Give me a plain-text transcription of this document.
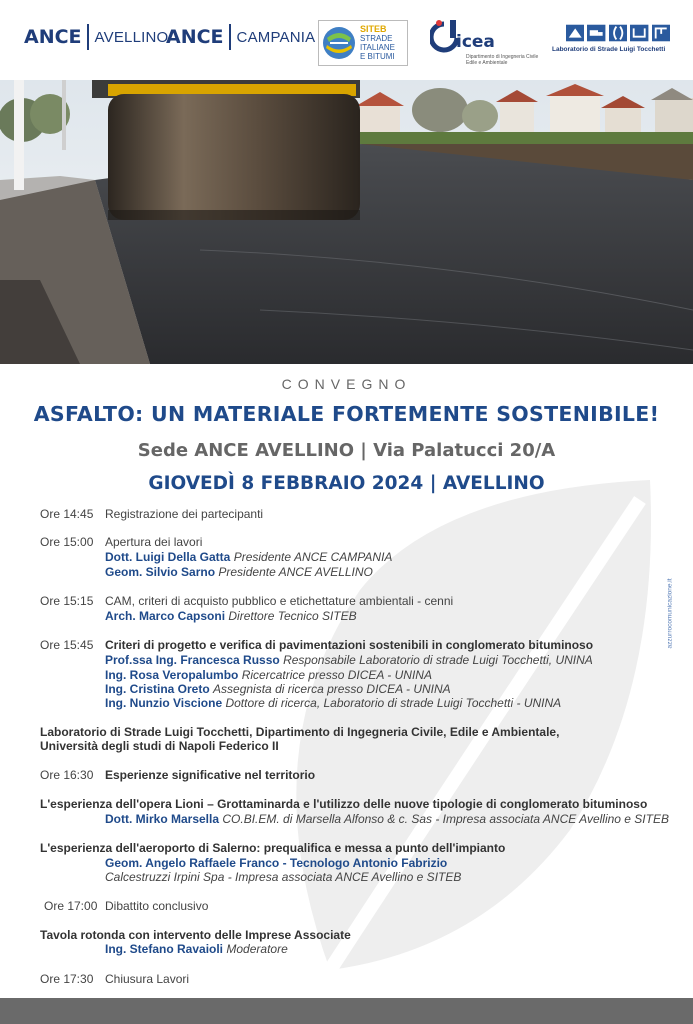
ANCE AVELLINO
ANCE CAMPANIA	SITEB
STRADE
ITALIANE
E BITUMI
icea
Dipartimento di Ingegneria Civile Edile e Ambientale
Laboratorio di Strade Luigi Tocchetti
CONVEGNO
ASFALTO: UN MATERIALE FORTEMENTE SOSTENIBILE!
Sede ANCE AVELLINO | Via Palatucci 20/A
GIOVEDÌ 8 FEBBRAIO 2024 | AVELLINO
azzurrocomunicazione.it
Ore 14:45 Registrazione dei partecipanti
Ore 15:00 Apertura dei lavori
Dott. Luigi Della Gatta Presidente ANCE CAMPANIA
Geom. Silvio Sarno Presidente ANCE AVELLINO
Ore 15:15 CAM, criteri di acquisto pubblico e etichettature ambientali - cenni
Arch. Marco Capsoni Direttore Tecnico SITEB
Ore 15:45 Criteri di progetto e verifica di pavimentazioni sostenibili in conglomerato bituminoso
Prof.ssa Ing. Francesca Russo Responsabile Laboratorio di strade Luigi Tocchetti, UNINA
Ing. Rosa Veropalumbo Ricercatrice presso DICEA - UNINA
Ing. Cristina Oreto Assegnista di ricerca presso DICEA - UNINA
Ing. Nunzio Viscione Dottore di ricerca, Laboratorio di strade Luigi Tocchetti - UNINA
Laboratorio di Strade Luigi Tocchetti, Dipartimento di Ingegneria Civile, Edile e Ambientale,
Università degli studi di Napoli Federico II
Ore 16:30 Esperienze significative nel territorio
L'esperienza dell'opera Lioni – Grottaminarda e l'utilizzo delle nuove tipologie di conglomerato bituminoso
Dott. Mirko Marsella CO.BI.EM. di Marsella Alfonso & c. Sas - Impresa associata ANCE Avellino e SITEB
L'esperienza dell'aeroporto di Salerno: prequalifica e messa a punto dell'impianto
Geom. Angelo Raffaele Franco - Tecnologo Antonio Fabrizio
Calcestruzzi Irpini Spa - Impresa associata ANCE Avellino e SITEB
Ore 17:00 Dibattito conclusivo
Tavola rotonda con intervento delle Imprese Associate
Ing. Stefano Ravaioli Moderatore
Ore 17:30 Chiusura Lavori
